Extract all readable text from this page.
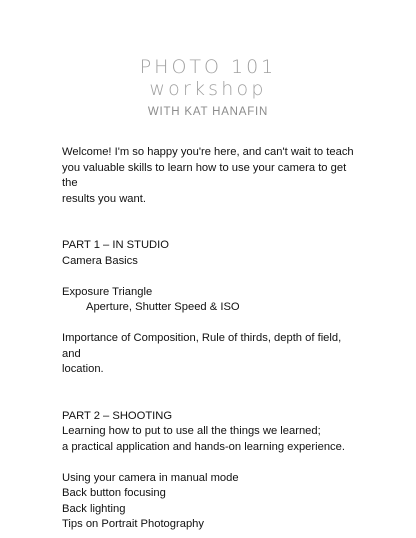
PHOTO 101
workshop
WITH KAT HANAFIN

Welcome! I'm so happy you're here, and can't wait to teach

you valuable skills to learn how to use your camera to get the

results you want.

PART 1 – IN STUDIO

Camera Basics

Exposure Triangle

Aperture, Shutter Speed & ISO

Importance of Composition, Rule of thirds, depth of field, and

location.

PART 2 – SHOOTING

Learning how to put to use all the things we learned;

a practical application and hands-on learning experience.

Using your camera in manual mode

Back button focusing

Back lighting

Tips on Portrait Photography
